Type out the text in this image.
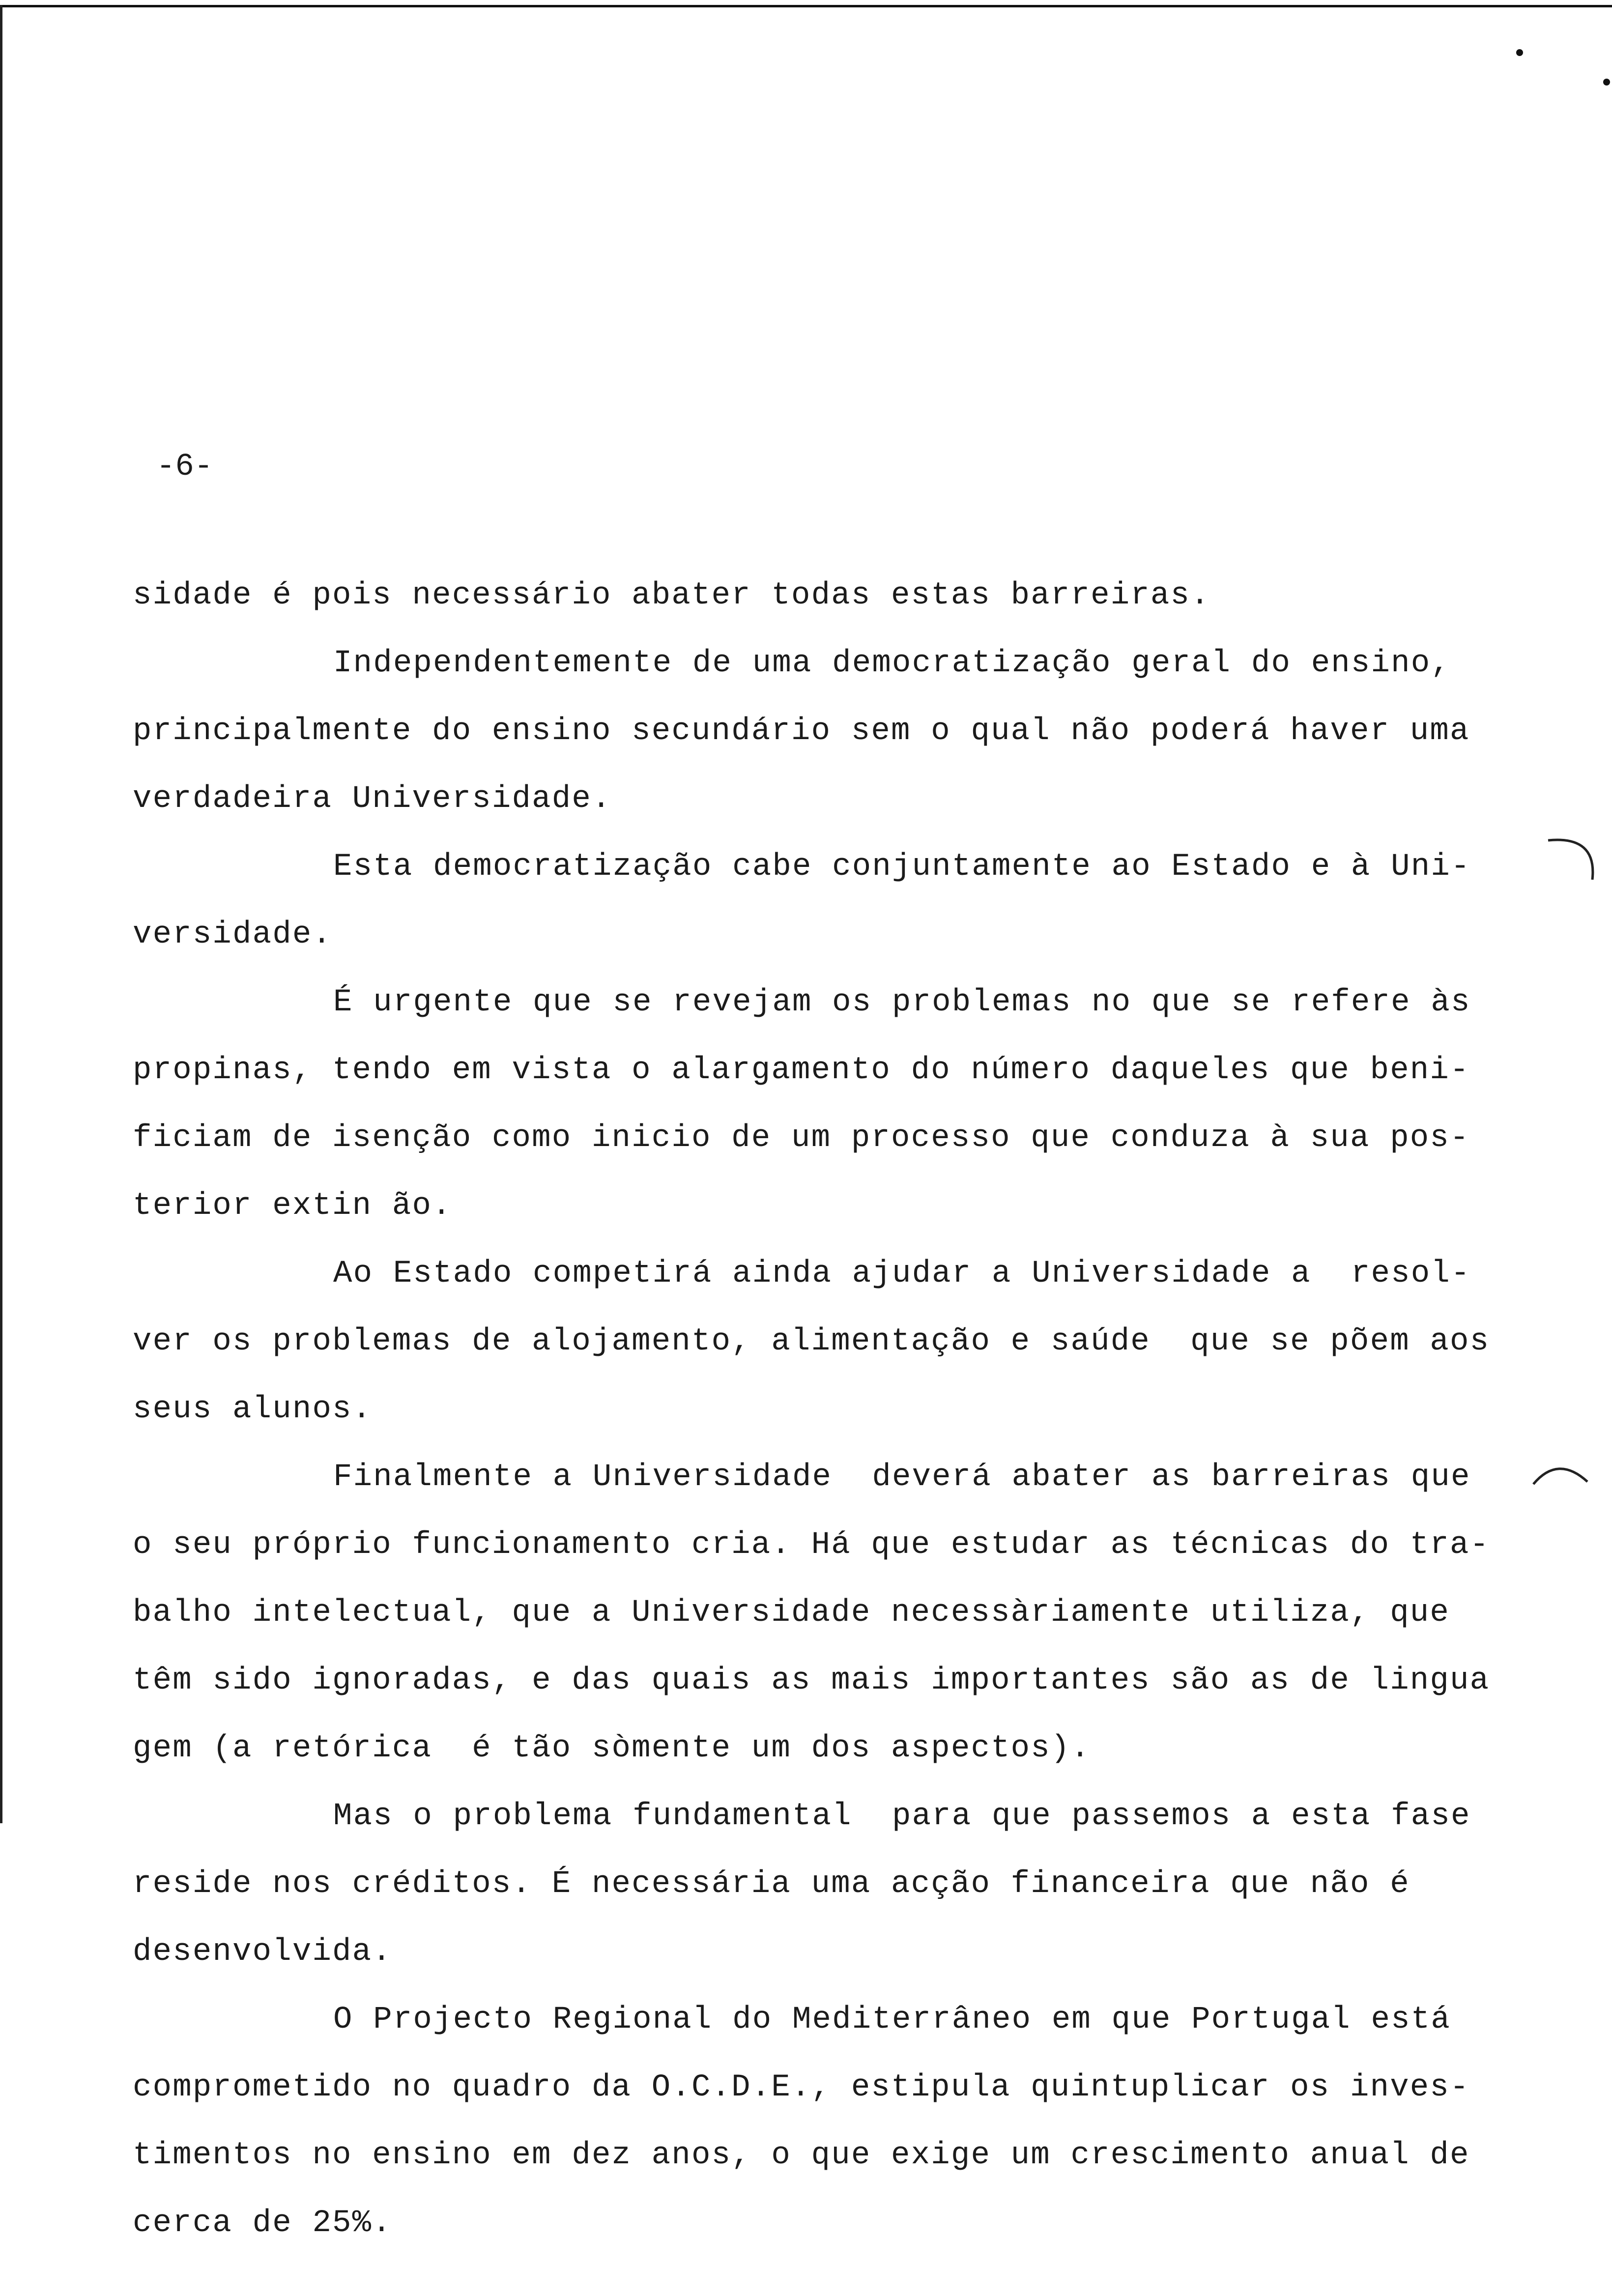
-6-
sidade é pois necessário abater todas estas barreiras.
Independentemente de uma democratização geral do ensino,
principalmente do ensino secundário sem o qual não poderá haver uma
verdadeira Universidade.
Esta democratização cabe conjuntamente ao Estado e à Uni-
versidade.
É urgente que se revejam os problemas no que se refere às
propinas, tendo em vista o alargamento do número daqueles que beni-
ficiam de isenção como inicio de um processo que conduza à sua pos-
terior extin ão.
Ao Estado competirá ainda ajudar a Universidade a  resol-
ver os problemas de alojamento, alimentação e saúde  que se põem aos
seus alunos.
Finalmente a Universidade  deverá abater as barreiras que
o seu próprio funcionamento cria. Há que estudar as técnicas do tra-
balho intelectual, que a Universidade necessàriamente utiliza, que
têm sido ignoradas, e das quais as mais importantes são as de lingua
gem (a retórica  é tão sòmente um dos aspectos).
Mas o problema fundamental  para que passemos a esta fase
reside nos créditos. É necessária uma acção financeira que não é
desenvolvida.
O Projecto Regional do Mediterrâneo em que Portugal está
comprometido no quadro da O.C.D.E., estipula quintuplicar os inves-
timentos no ensino em dez anos, o que exige um crescimento anual de
cerca de 25%.
